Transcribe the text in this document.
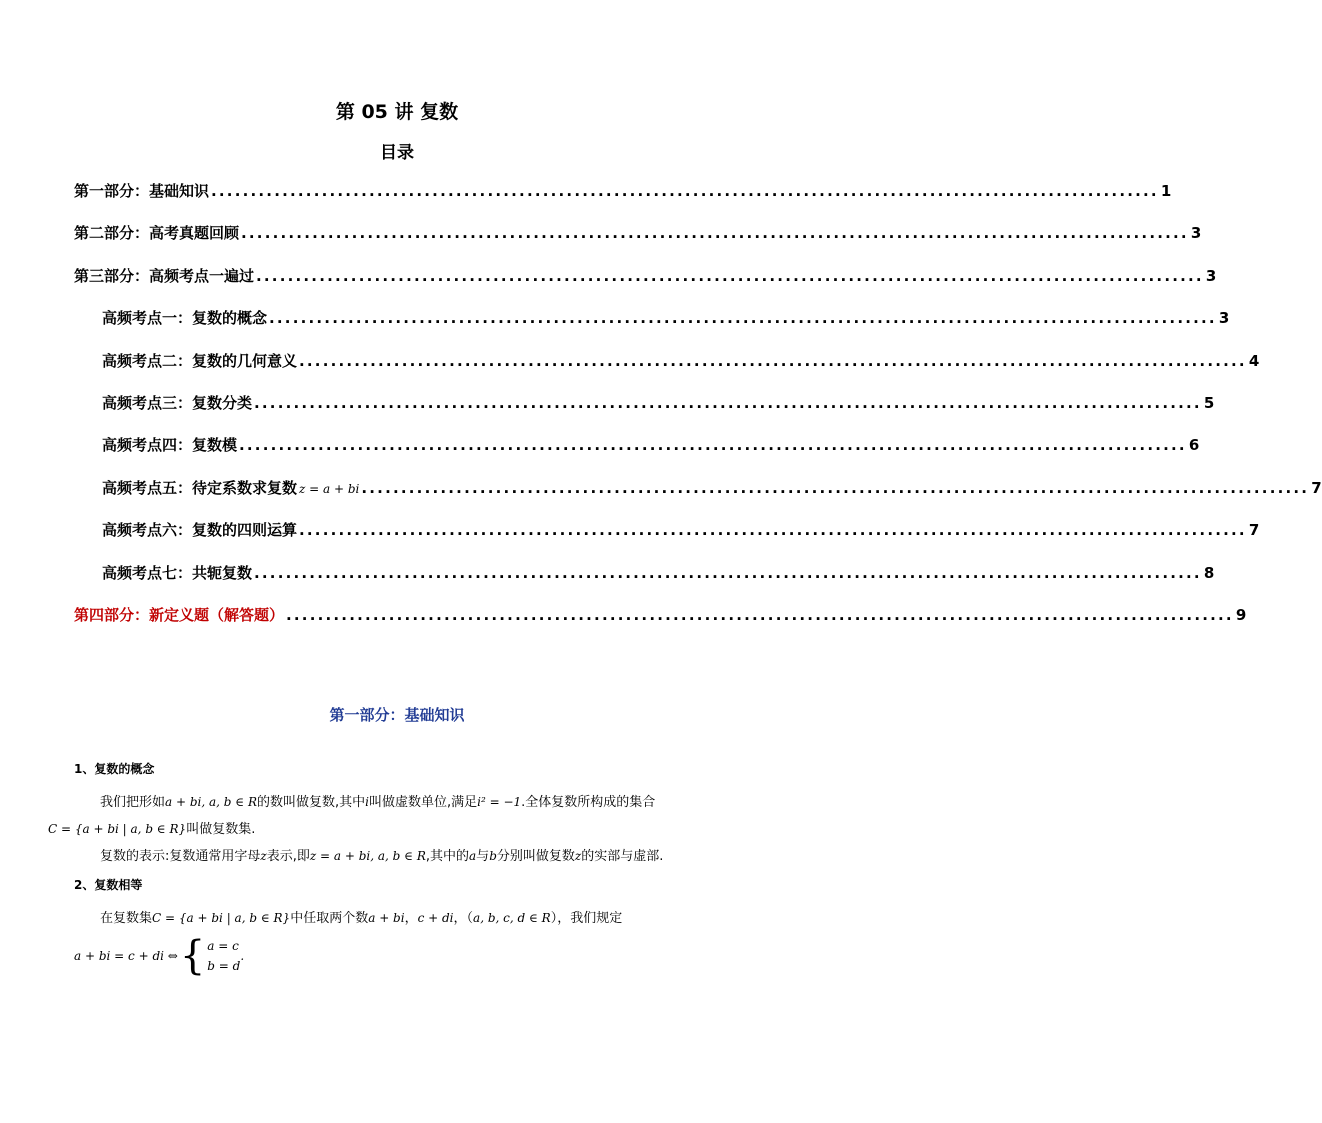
第 05 讲 复数
目录
第一部分：基础知识 ........................................................................................................................ 1
第二部分：高考真题回顾 ........................................................................................................................ 3
第三部分：高频考点一遍过 ........................................................................................................................ 3
高频考点一：复数的概念 ........................................................................................................................ 3
高频考点二：复数的几何意义 ........................................................................................................................ 4
高频考点三：复数分类 ........................................................................................................................ 5
高频考点四：复数模 ........................................................................................................................ 6
高频考点五：待定系数求复数 z = a + bi ........................................................................................................................ 7
高频考点六：复数的四则运算 ........................................................................................................................ 7
高频考点七：共轭复数 ........................................................................................................................ 8
第四部分：新定义题（解答题） ........................................................................................................................ 9
第一部分：基础知识
1、复数的概念
我们把形如a + bi, a, b ∈ R的数叫做复数,其中i叫做虚数单位,满足i² = −1.全体复数所构成的集合
C = {a + bi | a, b ∈ R}叫做复数集.
复数的表示:复数通常用字母z表示,即z = a + bi, a, b ∈ R,其中的a与b分别叫做复数z的实部与虚部.
2、复数相等
在复数集C = {a + bi | a, b ∈ R}中任取两个数a + bi，c + di，（a, b, c, d ∈ R），我们规定
a + bi = c + di ⇔ { a = c
b = d
.
